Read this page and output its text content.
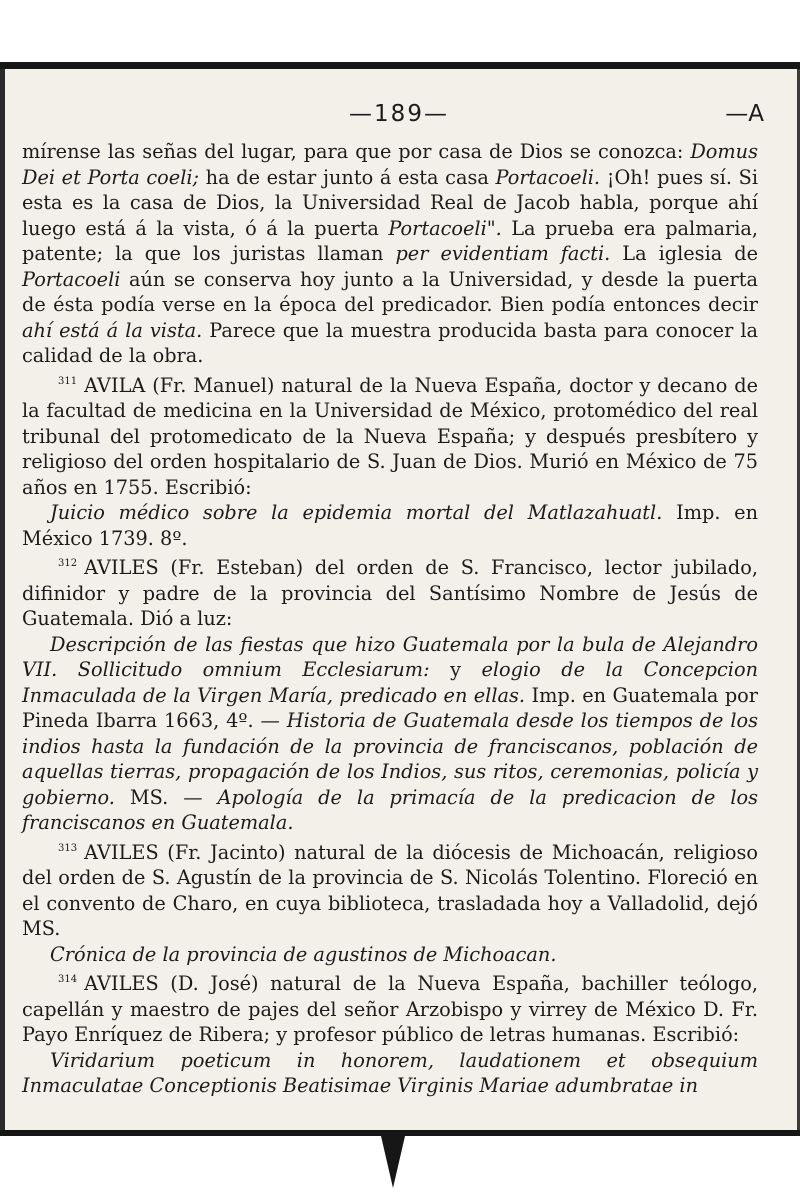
—189—	—A

mírense las señas del lugar, para que por casa de Dios se conozca: Domus Dei et Porta coeli; ha de estar junto á esta casa Portacoeli. ¡Oh! pues sí. Si esta es la casa de Dios, la Universidad Real de Jacob habla, porque ahí luego está á la vista, ó á la puerta Portacoeli". La prueba era palmaria, patente; la que los juristas llaman per evidentiam facti. La iglesia de Portacoeli aún se conserva hoy junto a la Universidad, y desde la puerta de ésta podía verse en la época del predicador. Bien podía entonces decir ahí está á la vista. Parece que la muestra producida basta para conocer la calidad de la obra.

$^{311}$ AVILA (Fr. Manuel) natural de la Nueva España, doctor y decano de la facultad de medicina en la Universidad de México, protomédico del real tribunal del protomedicato de la Nueva España; y después presbítero y religioso del orden hospitalario de S. Juan de Dios. Murió en México de 75 años en 1755. Escribió:

Juicio médico sobre la epidemia mortal del Matlazahuatl. Imp. en México 1739. 8º.

$^{312}$ AVILES (Fr. Esteban) del orden de S. Francisco, lector jubilado, difinidor y padre de la provincia del Santísimo Nombre de Jesús de Guatemala. Dió a luz:

Descripción de las fiestas que hizo Guatemala por la bula de Alejandro VII. Sollicitudo omnium Ecclesiarum: y elogio de la Concepcion Inmaculada de la Virgen María, predicado en ellas. Imp. en Guatemala por Pineda Ibarra 1663, 4º. — Historia de Guatemala desde los tiempos de los indios hasta la fundación de la provincia de franciscanos, población de aquellas tierras, propagación de los Indios, sus ritos, ceremonias, policía y gobierno. MS. — Apología de la primacía de la predicacion de los franciscanos en Guatemala.

$^{313}$ AVILES (Fr. Jacinto) natural de la diócesis de Michoacán, religioso del orden de S. Agustín de la provincia de S. Nicolás Tolentino. Floreció en el convento de Charo, en cuya biblioteca, trasladada hoy a Valladolid, dejó MS.

Crónica de la provincia de agustinos de Michoacan.

$^{314}$ AVILES (D. José) natural de la Nueva España, bachiller teólogo, capellán y maestro de pajes del señor Arzobispo y virrey de México D. Fr. Payo Enríquez de Ribera; y profesor público de letras humanas. Escribió:

Viridarium poeticum in honorem, laudationem et obsequium Inmaculatae Conceptionis Beatisimae Virginis Mariae adumbratae in
